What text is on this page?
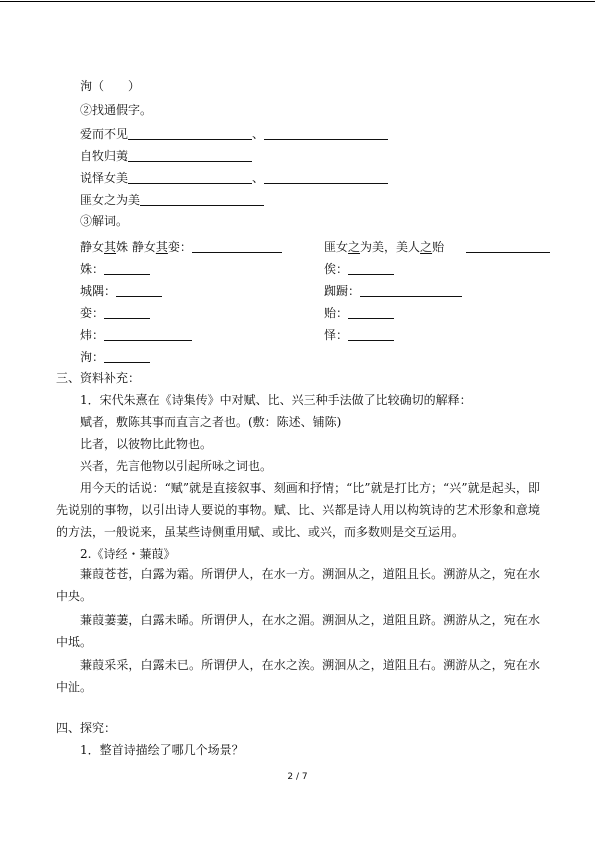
洵（　　）
②找通假字。
爱而不见	、
自牧归荑
说怿女美	、
匪女之为美
③解词。
静女其姝 静女其娈：	匪女之为美，美人之贻
姝：	俟：
城隅：	踟蹰：
娈：	贻：
炜：	怿：
洵：
三、资料补充：
1．宋代朱熹在《诗集传》中对赋、比、兴三种手法做了比较确切的解释：
赋者，敷陈其事而直言之者也。(敷：陈述、铺陈)
比者，以彼物比此物也。
兴者，先言他物以引起所咏之词也。
用今天的话说：“赋”就是直接叙事、刻画和抒情；“比”就是打比方；“兴”就是起头，即先说别的事物，以引出诗人要说的事物。赋、比、兴都是诗人用以构筑诗的艺术形象和意境的方法，一般说来，虽某些诗侧重用赋、或比、或兴，而多数则是交互运用。
2.《诗经・蒹葭》
蒹葭苍苍，白露为霜。所谓伊人，在水一方。溯洄从之，道阻且长。溯游从之，宛在水中央。
蒹葭萋萋，白露未晞。所谓伊人，在水之湄。溯洄从之，道阻且跻。溯游从之，宛在水中坻。
蒹葭采采，白露未已。所谓伊人，在水之涘。溯洄从之，道阻且右。溯游从之，宛在水中沚。
四、探究：
1．整首诗描绘了哪几个场景？
2 / 7
